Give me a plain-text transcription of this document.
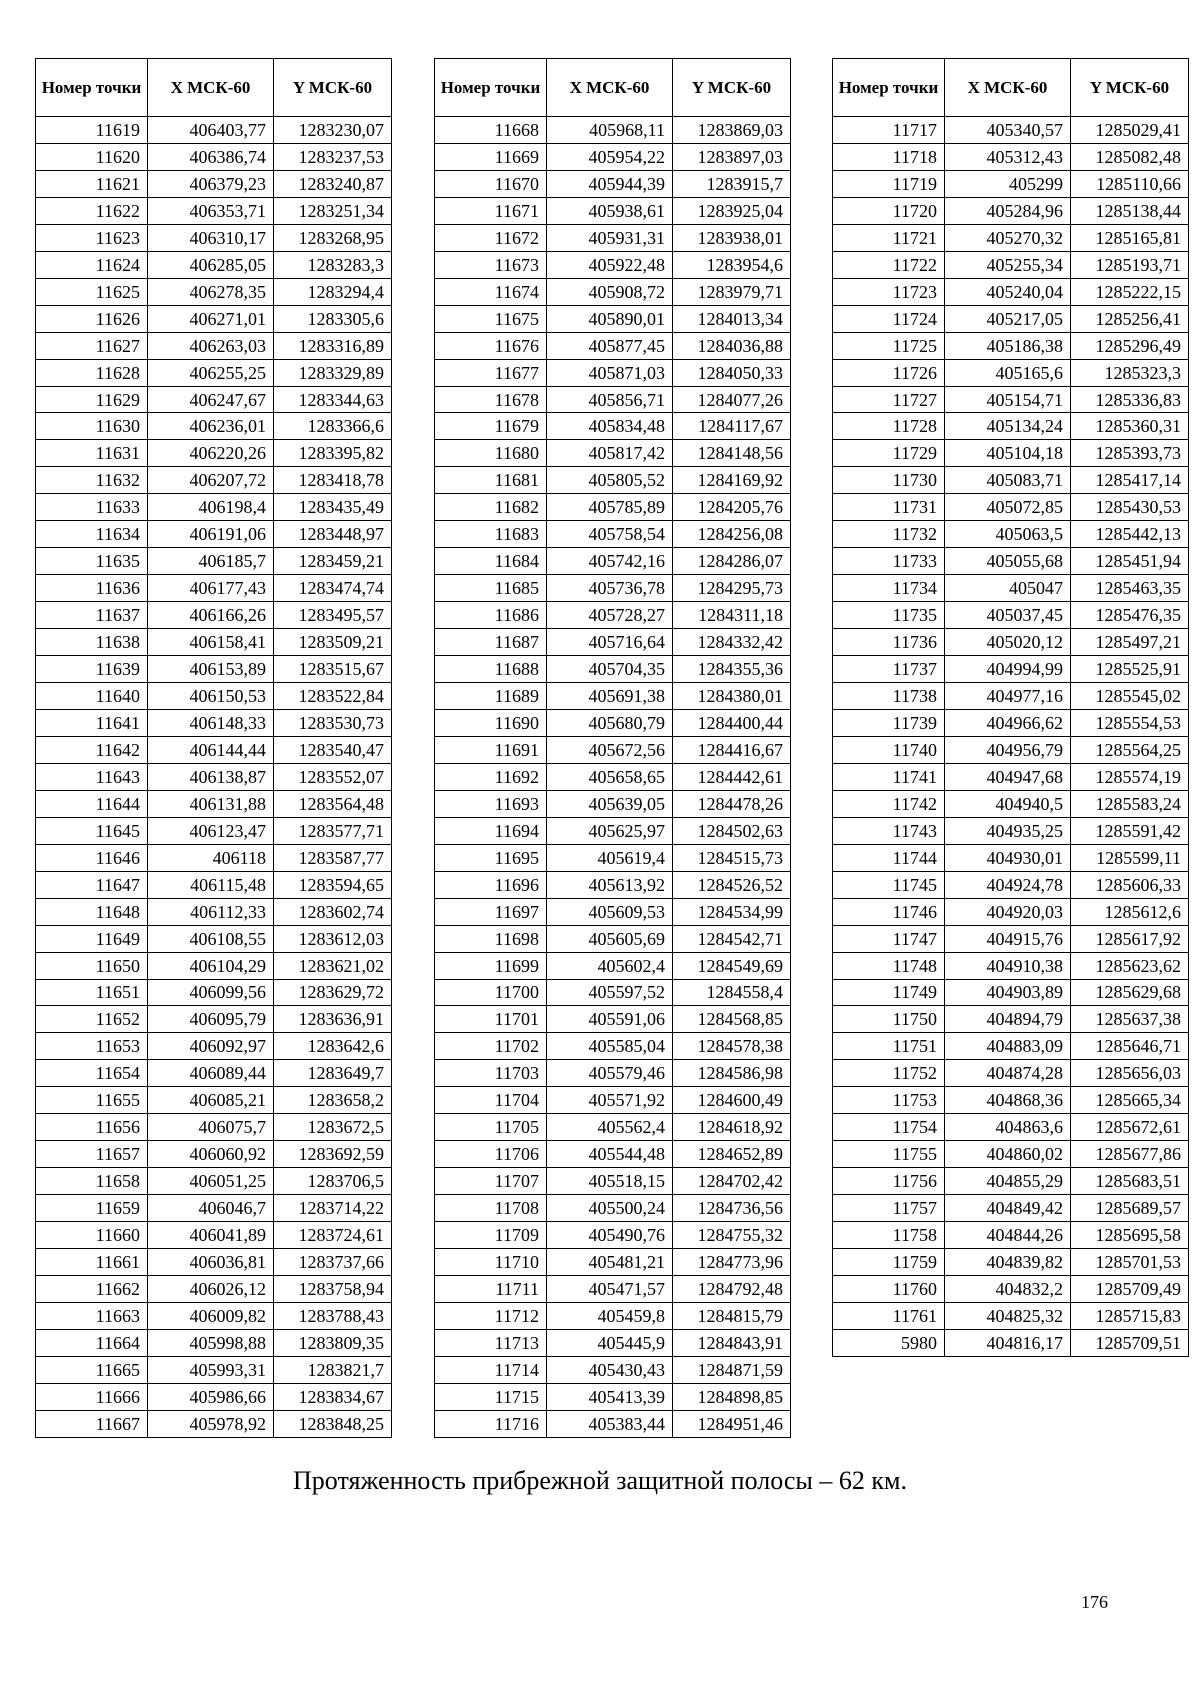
Номер точки	X МСК-60	Y МСК-60
11619	406403,77	1283230,07
11620	406386,74	1283237,53
11621	406379,23	1283240,87
11622	406353,71	1283251,34
11623	406310,17	1283268,95
11624	406285,05	1283283,3
11625	406278,35	1283294,4
11626	406271,01	1283305,6
11627	406263,03	1283316,89
11628	406255,25	1283329,89
11629	406247,67	1283344,63
11630	406236,01	1283366,6
11631	406220,26	1283395,82
11632	406207,72	1283418,78
11633	406198,4	1283435,49
11634	406191,06	1283448,97
11635	406185,7	1283459,21
11636	406177,43	1283474,74
11637	406166,26	1283495,57
11638	406158,41	1283509,21
11639	406153,89	1283515,67
11640	406150,53	1283522,84
11641	406148,33	1283530,73
11642	406144,44	1283540,47
11643	406138,87	1283552,07
11644	406131,88	1283564,48
11645	406123,47	1283577,71
11646	406118	1283587,77
11647	406115,48	1283594,65
11648	406112,33	1283602,74
11649	406108,55	1283612,03
11650	406104,29	1283621,02
11651	406099,56	1283629,72
11652	406095,79	1283636,91
11653	406092,97	1283642,6
11654	406089,44	1283649,7
11655	406085,21	1283658,2
11656	406075,7	1283672,5
11657	406060,92	1283692,59
11658	406051,25	1283706,5
11659	406046,7	1283714,22
11660	406041,89	1283724,61
11661	406036,81	1283737,66
11662	406026,12	1283758,94
11663	406009,82	1283788,43
11664	405998,88	1283809,35
11665	405993,31	1283821,7
11666	405986,66	1283834,67
11667	405978,92	1283848,25
Номер точки	X МСК-60	Y МСК-60
11668	405968,11	1283869,03
11669	405954,22	1283897,03
11670	405944,39	1283915,7
11671	405938,61	1283925,04
11672	405931,31	1283938,01
11673	405922,48	1283954,6
11674	405908,72	1283979,71
11675	405890,01	1284013,34
11676	405877,45	1284036,88
11677	405871,03	1284050,33
11678	405856,71	1284077,26
11679	405834,48	1284117,67
11680	405817,42	1284148,56
11681	405805,52	1284169,92
11682	405785,89	1284205,76
11683	405758,54	1284256,08
11684	405742,16	1284286,07
11685	405736,78	1284295,73
11686	405728,27	1284311,18
11687	405716,64	1284332,42
11688	405704,35	1284355,36
11689	405691,38	1284380,01
11690	405680,79	1284400,44
11691	405672,56	1284416,67
11692	405658,65	1284442,61
11693	405639,05	1284478,26
11694	405625,97	1284502,63
11695	405619,4	1284515,73
11696	405613,92	1284526,52
11697	405609,53	1284534,99
11698	405605,69	1284542,71
11699	405602,4	1284549,69
11700	405597,52	1284558,4
11701	405591,06	1284568,85
11702	405585,04	1284578,38
11703	405579,46	1284586,98
11704	405571,92	1284600,49
11705	405562,4	1284618,92
11706	405544,48	1284652,89
11707	405518,15	1284702,42
11708	405500,24	1284736,56
11709	405490,76	1284755,32
11710	405481,21	1284773,96
11711	405471,57	1284792,48
11712	405459,8	1284815,79
11713	405445,9	1284843,91
11714	405430,43	1284871,59
11715	405413,39	1284898,85
11716	405383,44	1284951,46
Номер точки	X МСК-60	Y МСК-60
11717	405340,57	1285029,41
11718	405312,43	1285082,48
11719	405299	1285110,66
11720	405284,96	1285138,44
11721	405270,32	1285165,81
11722	405255,34	1285193,71
11723	405240,04	1285222,15
11724	405217,05	1285256,41
11725	405186,38	1285296,49
11726	405165,6	1285323,3
11727	405154,71	1285336,83
11728	405134,24	1285360,31
11729	405104,18	1285393,73
11730	405083,71	1285417,14
11731	405072,85	1285430,53
11732	405063,5	1285442,13
11733	405055,68	1285451,94
11734	405047	1285463,35
11735	405037,45	1285476,35
11736	405020,12	1285497,21
11737	404994,99	1285525,91
11738	404977,16	1285545,02
11739	404966,62	1285554,53
11740	404956,79	1285564,25
11741	404947,68	1285574,19
11742	404940,5	1285583,24
11743	404935,25	1285591,42
11744	404930,01	1285599,11
11745	404924,78	1285606,33
11746	404920,03	1285612,6
11747	404915,76	1285617,92
11748	404910,38	1285623,62
11749	404903,89	1285629,68
11750	404894,79	1285637,38
11751	404883,09	1285646,71
11752	404874,28	1285656,03
11753	404868,36	1285665,34
11754	404863,6	1285672,61
11755	404860,02	1285677,86
11756	404855,29	1285683,51
11757	404849,42	1285689,57
11758	404844,26	1285695,58
11759	404839,82	1285701,53
11760	404832,2	1285709,49
11761	404825,32	1285715,83
5980	404816,17	1285709,51
Протяженность прибрежной защитной полосы – 62 км.
176
